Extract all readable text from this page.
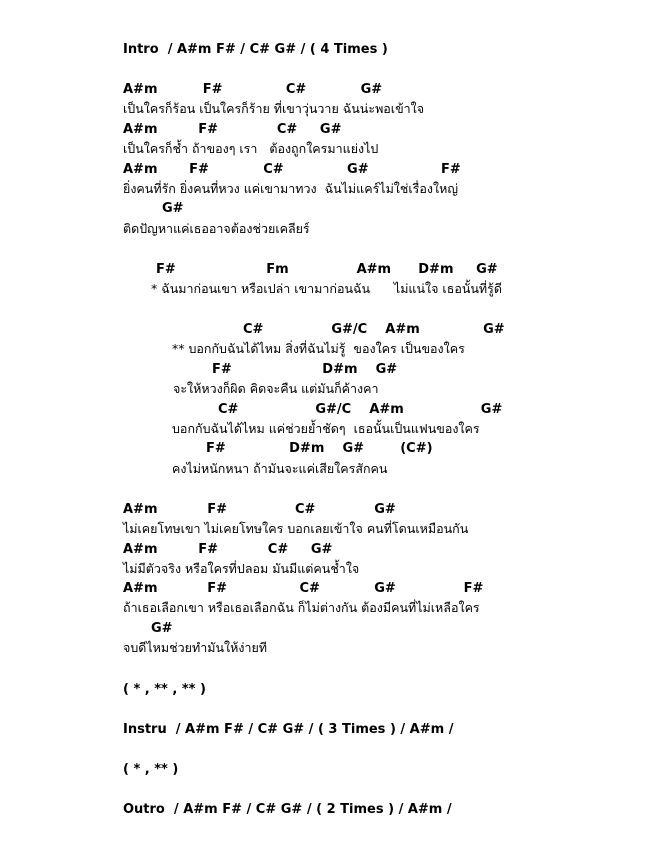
Intro  / A#m F# / C# G# / ( 4 Times )
A#m          F#              C#            G#
เป็นใครก็ร้อน เป็นใครก็ร้าย ที่เขาวุ่นวาย ฉันน่ะพอเข้าใจ
A#m         F#             C#     G#
เป็นใครก็ช้ำ ถ้าของๆ เรา   ต้องถูกใครมาแย่งไป
A#m       F#            C#              G#                F#
ยิ่งคนที่รัก ยิ่งคนที่หวง แค่เขามาทวง  ฉันไม่แคร์ไม่ใช่เรื่องใหญ่
G#
ติดปัญหาแค่เธออาจต้องช่วยเคลียร์
F#                    Fm               A#m      D#m     G#
* ฉันมาก่อนเขา หรือเปล่า เขามาก่อนฉัน      ไม่แน่ใจ เธอนั้นที่รู้ดี
C#               G#/C    A#m              G#
** บอกกับฉันได้ไหม สิ่งที่ฉันไม่รู้  ของใคร เป็นของใคร
F#                    D#m    G#
จะให้หวงก็ผิด คิดจะคืน แต่มันก็ค้างคา
C#                 G#/C    A#m                 G#
บอกกับฉันได้ไหม แค่ช่วยย้ำชัดๆ  เธอนั้นเป็นแฟนของใคร
F#              D#m    G#        (C#)
คงไม่หนักหนา ถ้ามันจะแค่เสียใครสักคน
A#m           F#               C#             G#
ไม่เคยโทษเขา ไม่เคยโทษใคร บอกเลยเข้าใจ คนที่โดนเหมือนกัน
A#m         F#           C#     G#
ไม่มีตัวจริง หรือใครที่ปลอม มันมีแต่คนช้ำใจ
A#m           F#                C#            G#               F#
ถ้าเธอเลือกเขา หรือเธอเลือกฉัน ก็ไม่ต่างกัน ต้องมีคนที่ไม่เหลือใคร
G#
จบดีไหมช่วยทำมันให้ง่ายที
( * , ** , ** )
Instru  / A#m F# / C# G# / ( 3 Times ) / A#m /
( * , ** )
Outro  / A#m F# / C# G# / ( 2 Times ) / A#m /
